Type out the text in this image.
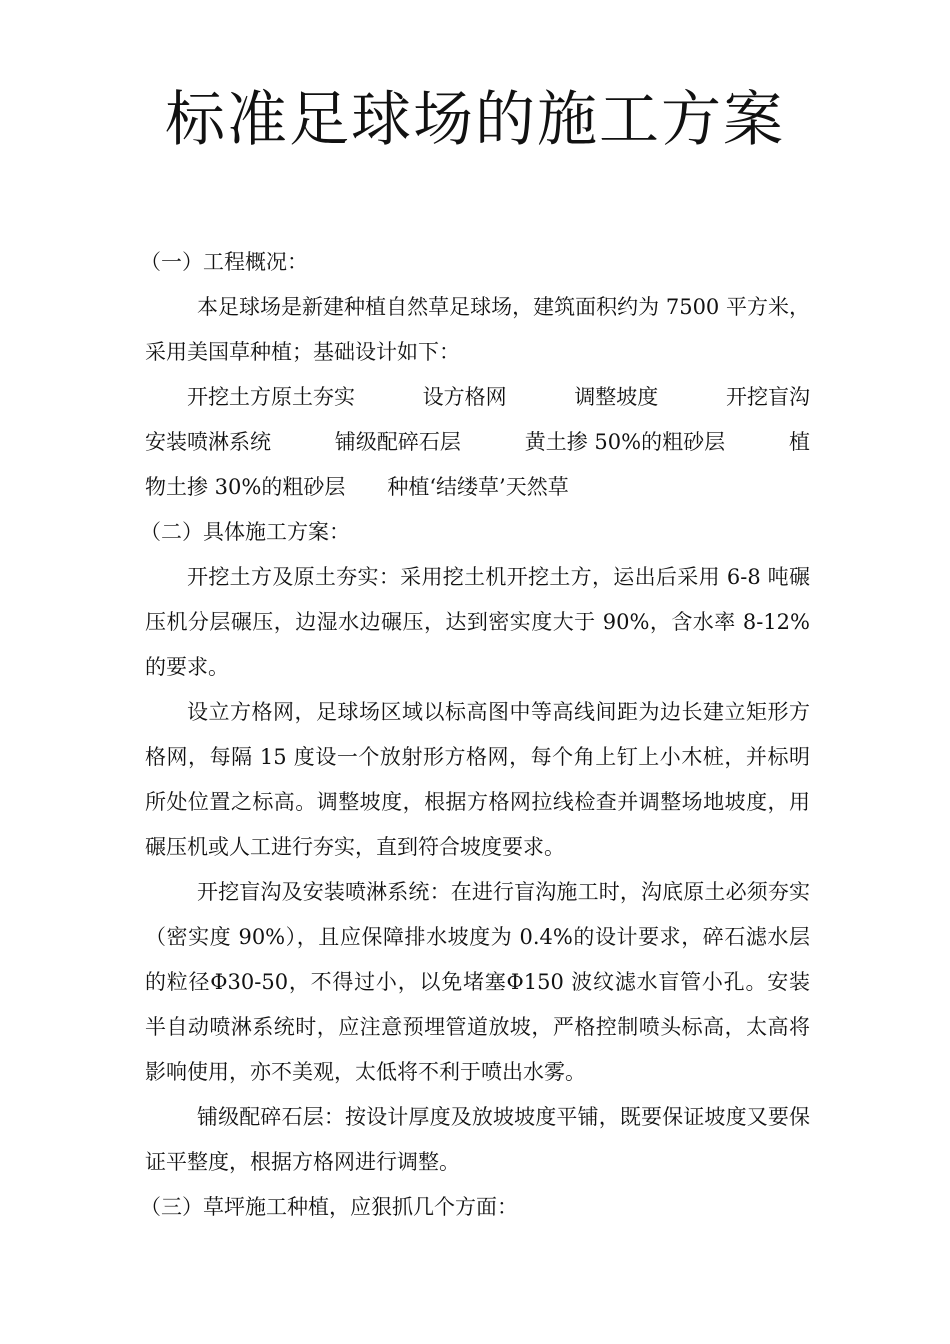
标准足球场的施工方案

（一）工程概况：

本足球场是新建种植自然草足球场，建筑面积约为 7500 平方米，采用美国草种植；基础设计如下：

开挖土方原土夯实	设方格网	调整坡度	开挖盲沟

安装喷淋系统	铺级配碎石层	黄土掺 50%的粗砂层	植

物土掺 30%的粗砂层 种植‘结缕草’天然草

（二）具体施工方案：

开挖土方及原土夯实：采用挖土机开挖土方，运出后采用 6-8 吨碾压机分层碾压，边湿水边碾压，达到密实度大于 90%，含水率 8-12%的要求。

设立方格网，足球场区域以标高图中等高线间距为边长建立矩形方格网，每隔 15 度设一个放射形方格网，每个角上钉上小木桩，并标明所处位置之标高。调整坡度，根据方格网拉线检查并调整场地坡度，用碾压机或人工进行夯实，直到符合坡度要求。

开挖盲沟及安装喷淋系统：在进行盲沟施工时，沟底原土必须夯实（密实度 90%），且应保障排水坡度为 0.4%的设计要求，碎石滤水层的粒径Φ30-50，不得过小，以免堵塞Φ150 波纹滤水盲管小孔。安装半自动喷淋系统时，应注意预埋管道放坡，严格控制喷头标高，太高将影响使用，亦不美观，太低将不利于喷出水雾。

铺级配碎石层：按设计厚度及放坡坡度平铺，既要保证坡度又要保证平整度，根据方格网进行调整。

（三）草坪施工种植，应狠抓几个方面：
